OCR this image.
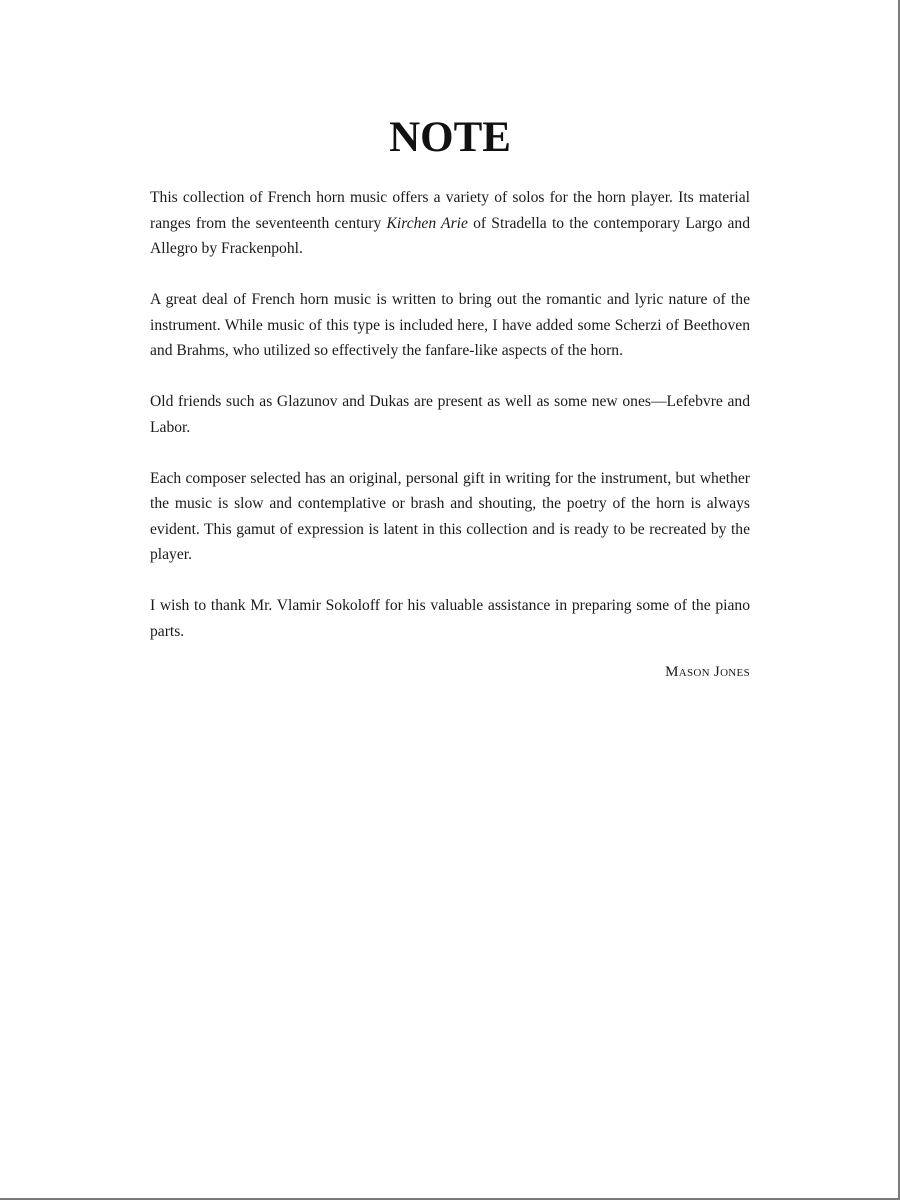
NOTE

This collection of French horn music offers a variety of solos for the horn player. Its material ranges from the seventeenth century Kirchen Arie of Stradella to the contemporary Largo and Allegro by Frackenpohl.

A great deal of French horn music is written to bring out the romantic and lyric nature of the instrument. While music of this type is included here, I have added some Scherzi of Beethoven and Brahms, who utilized so effectively the fanfare-like aspects of the horn.

Old friends such as Glazunov and Dukas are present as well as some new ones—Lefebvre and Labor.

Each composer selected has an original, personal gift in writing for the instrument, but whether the music is slow and contemplative or brash and shouting, the poetry of the horn is always evident. This gamut of expression is latent in this collection and is ready to be recreated by the player.

I wish to thank Mr. Vlamir Sokoloff for his valuable assistance in preparing some of the piano parts.

Mason Jones
